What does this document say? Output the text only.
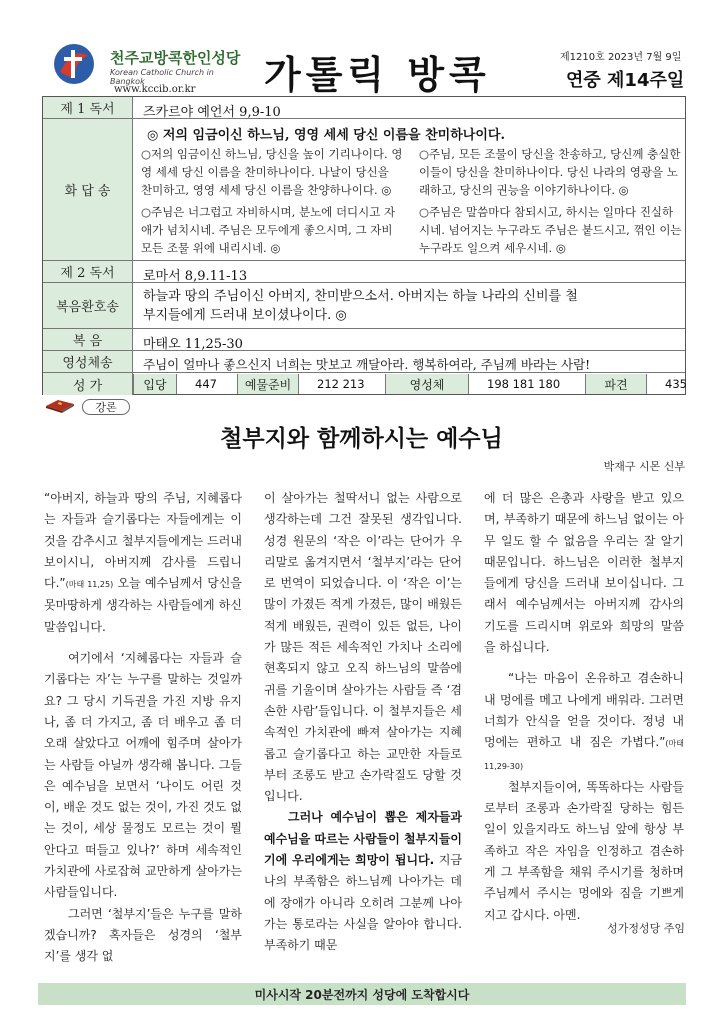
천주교방콕한인성당
Korean Catholic Church in Bangkok
www.kccib.or.kr 가톨릭 방콕	제1210호 2023년 7월 9일
연중 제14주일
제 1 독서	즈카르야 예언서 9,9-10
화 답 송
◎ 저의 임금이신 하느님, 영영 세세 당신 이름을 찬미하나이다.
○저의 임금이신 하느님, 당신을 높이 기리나이다. 영영 세세 당신 이름을 찬미하나이다. 나날이 당신을 찬미하고, 영영 세세 당신 이름을 찬양하나이다. ◎
○주님, 모든 조물이 당신을 찬송하고, 당신께 충실한 이들이 당신을 찬미하나이다. 당신 나라의 영광을 노래하고, 당신의 권능을 이야기하나이다. ◎
○주님은 너그럽고 자비하시며, 분노에 더디시고 자애가 넘치시네. 주님은 모두에게 좋으시며, 그 자비 모든 조물 위에 내리시네. ◎
○주님은 말씀마다 참되시고, 하시는 일마다 진실하시네. 넘어지는 누구라도 주님은 붙드시고, 꺾인 이는 누구라도 일으켜 세우시네. ◎
제 2 독서	로마서 8,9.11-13
복음환호송
하늘과 땅의 주님이신 아버지, 찬미받으소서. 아버지는 하늘 나라의 신비를 철부지들에게 드러내 보이셨나이다. ◎
복 음	마태오 11,25-30
영성체송	주님이 얼마나 좋으신지 너희는 맛보고 깨달아라. 행복하여라, 주님께 바라는 사람!
성 가	입당	447	예물준비	212 213	영성체	198 181 180	파견	435
강론
철부지와 함께하시는 예수님
박재구 시몬 신부

“아버지, 하늘과 땅의 주님, 지혜롭다는 자들과 슬기롭다는 자들에게는 이것을 감추시고 철부지들에게는 드러내 보이시니, 아버지께 감사를 드립니다.”(마태 11,25) 오늘 예수님께서 당신을 못마땅하게 생각하는 사람들에게 하신 말씀입니다.

여기에서 ‘지혜롭다는 자들과 슬기롭다는 자’는 누구를 말하는 것일까요? 그 당시 기득권을 가진 지방 유지나, 좀 더 가지고, 좀 더 배우고 좀 더 오래 살았다고 어깨에 힘주며 살아가는 사람들 아닐까 생각해 봅니다. 그들은 예수님을 보면서 ‘나이도 어린 것이, 배운 것도 없는 것이, 가진 것도 없는 것이, 세상 물정도 모르는 것이 뭘 안다고 떠들고 있나?’ 하며 세속적인 가치관에 사로잡혀 교만하게 살아가는 사람들입니다.

그러면 ‘철부지’들은 누구를 말하겠습니까? 혹자들은 성경의 ‘철부지’를 생각 없

이 살아가는 철딱서니 없는 사람으로 생각하는데 그건 잘못된 생각입니다. 성경 원문의 ‘작은 이’라는 단어가 우리말로 옮겨지면서 ‘철부지’라는 단어로 번역이 되었습니다. 이 ‘작은 이’는 많이 가졌든 적게 가졌든, 많이 배웠든 적게 배웠든, 권력이 있든 없든, 나이가 많든 적든 세속적인 가치나 소리에 현혹되지 않고 오직 하느님의 말씀에 귀를 기울이며 살아가는 사람들 즉 ‘겸손한 사람’들입니다. 이 철부지들은 세속적인 가치관에 빠져 살아가는 지혜롭고 슬기롭다고 하는 교만한 자들로부터 조롱도 받고 손가락질도 당할 것입니다.

그러나 예수님이 뽑은 제자들과 예수님을 따르는 사람들이 철부지들이기에 우리에게는 희망이 됩니다. 지금 나의 부족함은 하느님께 나아가는 데에 장애가 아니라 오히려 그분께 나아가는 통로라는 사실을 알아야 합니다. 부족하기 때문

에 더 많은 은총과 사랑을 받고 있으며, 부족하기 때문에 하느님 없이는 아무 일도 할 수 없음을 우리는 잘 알기 때문입니다. 하느님은 이러한 철부지들에게 당신을 드러내 보이십니다. 그래서 예수님께서는 아버지께 감사의 기도를 드리시며 위로와 희망의 말씀을 하십니다.

“나는 마음이 온유하고 겸손하니 내 멍에를 메고 나에게 배워라. 그러면 너희가 안식을 얻을 것이다. 정녕 내 멍에는 편하고 내 짐은 가볍다.”(마태 11,29-30)

철부지들이여, 똑똑하다는 사람들로부터 조롱과 손가락질 당하는 힘든 일이 있을지라도 하느님 앞에 항상 부족하고 작은 자임을 인정하고 겸손하게 그 부족함을 채워 주시기를 청하며 주님께서 주시는 멍에와 짐을 기쁘게 지고 갑시다. 아멘.

성가정성당 주임
미사시작 20분전까지 성당에 도착합시다
